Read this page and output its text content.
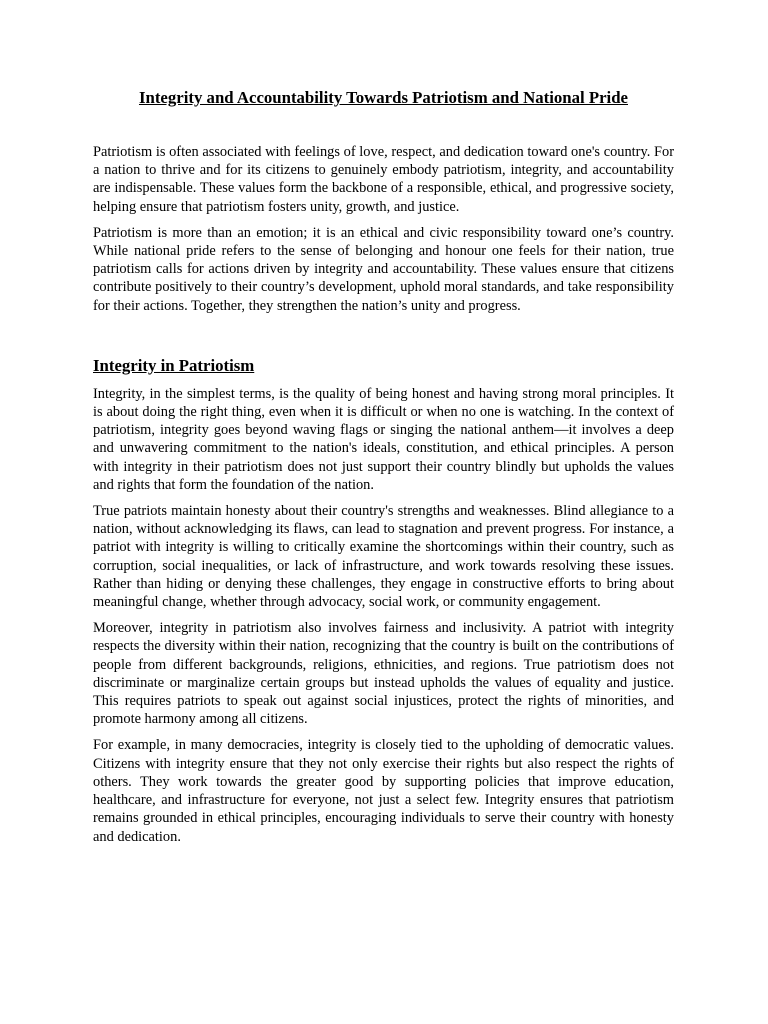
Integrity and Accountability Towards Patriotism and National Pride

Patriotism is often associated with feelings of love, respect, and dedication toward one's country. For a nation to thrive and for its citizens to genuinely embody patriotism, integrity, and accountability are indispensable. These values form the backbone of a responsible, ethical, and progressive society, helping ensure that patriotism fosters unity, growth, and justice.

Patriotism is more than an emotion; it is an ethical and civic responsibility toward one’s country. While national pride refers to the sense of belonging and honour one feels for their nation, true patriotism calls for actions driven by integrity and accountability. These values ensure that citizens contribute positively to their country’s development, uphold moral standards, and take responsibility for their actions. Together, they strengthen the nation’s unity and progress.

Integrity in Patriotism

Integrity, in the simplest terms, is the quality of being honest and having strong moral principles. It is about doing the right thing, even when it is difficult or when no one is watching. In the context of patriotism, integrity goes beyond waving flags or singing the national anthem—it involves a deep and unwavering commitment to the nation's ideals, constitution, and ethical principles. A person with integrity in their patriotism does not just support their country blindly but upholds the values and rights that form the foundation of the nation.

True patriots maintain honesty about their country's strengths and weaknesses. Blind allegiance to a nation, without acknowledging its flaws, can lead to stagnation and prevent progress. For instance, a patriot with integrity is willing to critically examine the shortcomings within their country, such as corruption, social inequalities, or lack of infrastructure, and work towards resolving these issues. Rather than hiding or denying these challenges, they engage in constructive efforts to bring about meaningful change, whether through advocacy, social work, or community engagement.

Moreover, integrity in patriotism also involves fairness and inclusivity. A patriot with integrity respects the diversity within their nation, recognizing that the country is built on the contributions of people from different backgrounds, religions, ethnicities, and regions. True patriotism does not discriminate or marginalize certain groups but instead upholds the values of equality and justice. This requires patriots to speak out against social injustices, protect the rights of minorities, and promote harmony among all citizens.

For example, in many democracies, integrity is closely tied to the upholding of democratic values. Citizens with integrity ensure that they not only exercise their rights but also respect the rights of others. They work towards the greater good by supporting policies that improve education, healthcare, and infrastructure for everyone, not just a select few. Integrity ensures that patriotism remains grounded in ethical principles, encouraging individuals to serve their country with honesty and dedication.
